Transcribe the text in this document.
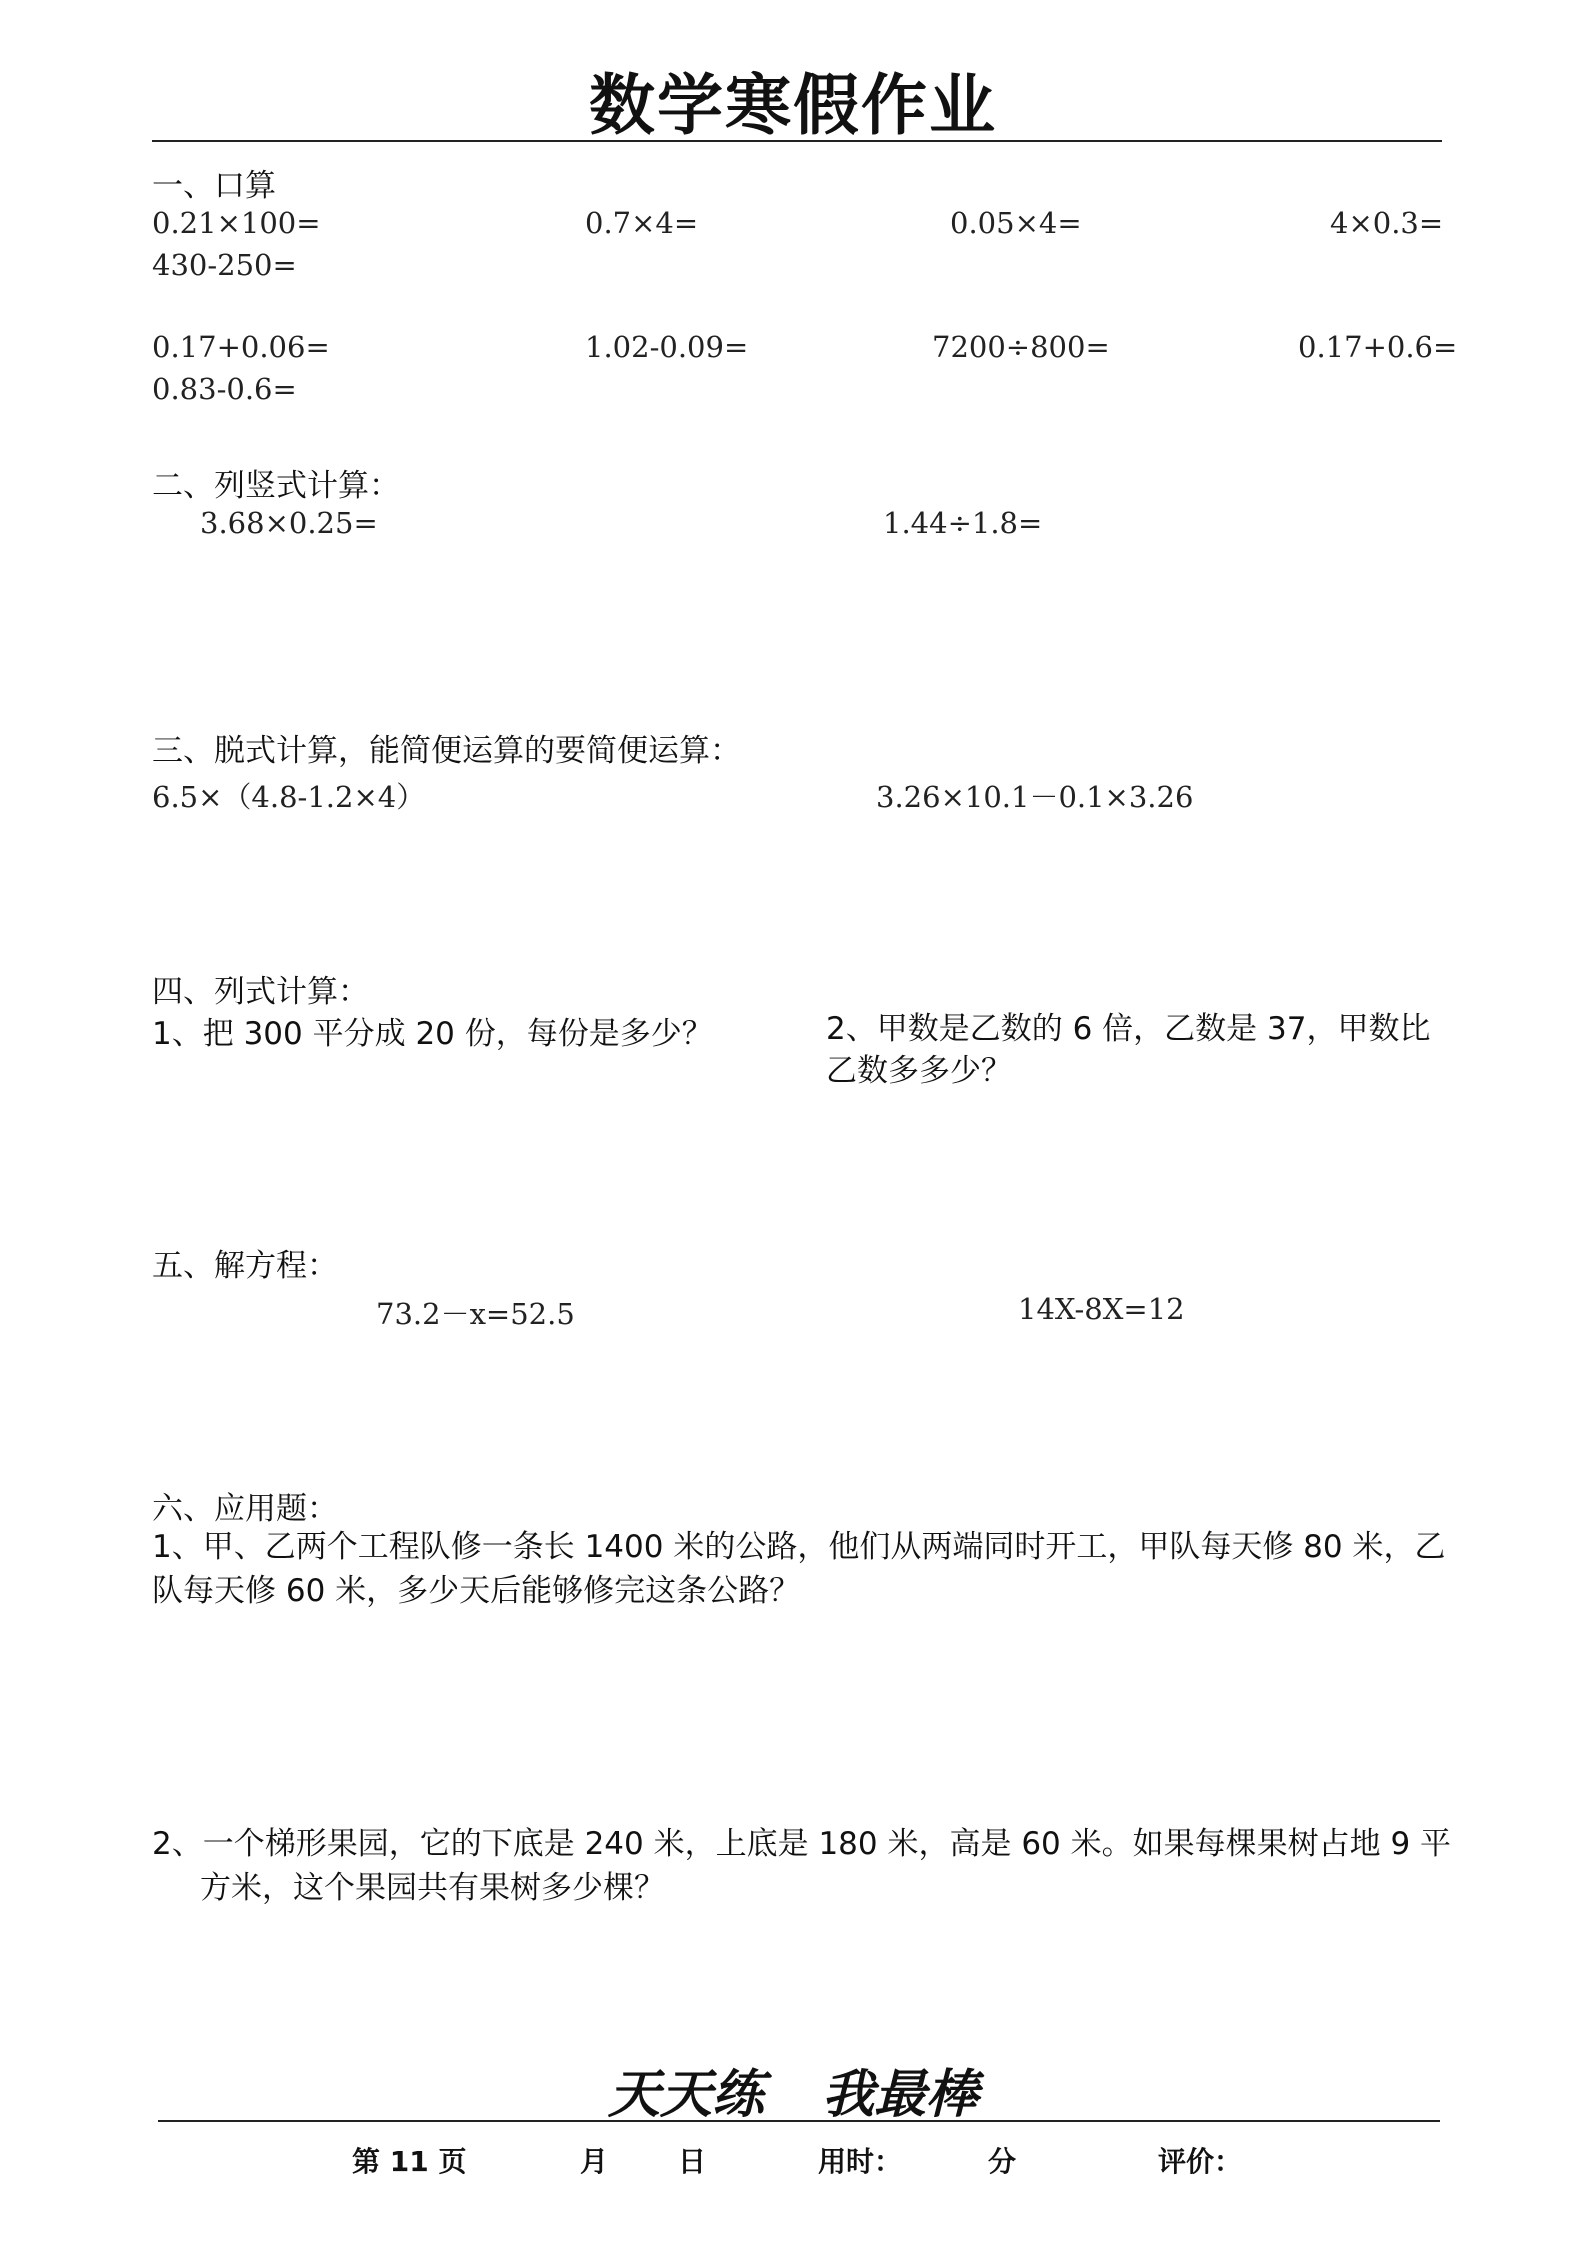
数学寒假作业
一、口算
0.21×100=	0.7×4=	0.05×4=	4×0.3=
430-250=
0.17+0.06=	1.02-0.09=	7200÷800=	0.17+0.6=
0.83-0.6=
二、列竖式计算：
3.68×0.25=	1.44÷1.8=
三、脱式计算，能简便运算的要简便运算：
6.5×（4.8-1.2×4）	3.26×10.1－0.1×3.26
四、列式计算：
1、把 300 平分成 20 份，每份是多少？	2、甲数是乙数的 6 倍，乙数是 37，甲数比乙数多多少？
五、解方程：
73.2－x=52.5	14X-8X=12
六、应用题：
1、甲、乙两个工程队修一条长 1400 米的公路，他们从两端同时开工，甲队每天修 80 米，乙队每天修 60 米，多少天后能够修完这条公路？
2、一个梯形果园，它的下底是 240 米，上底是 180 米，高是 60 米。如果每棵果树占地 9 平
方米，这个果园共有果树多少棵？
天天练 我最棒
第 11 页	月 日	用时：	分	评价：
